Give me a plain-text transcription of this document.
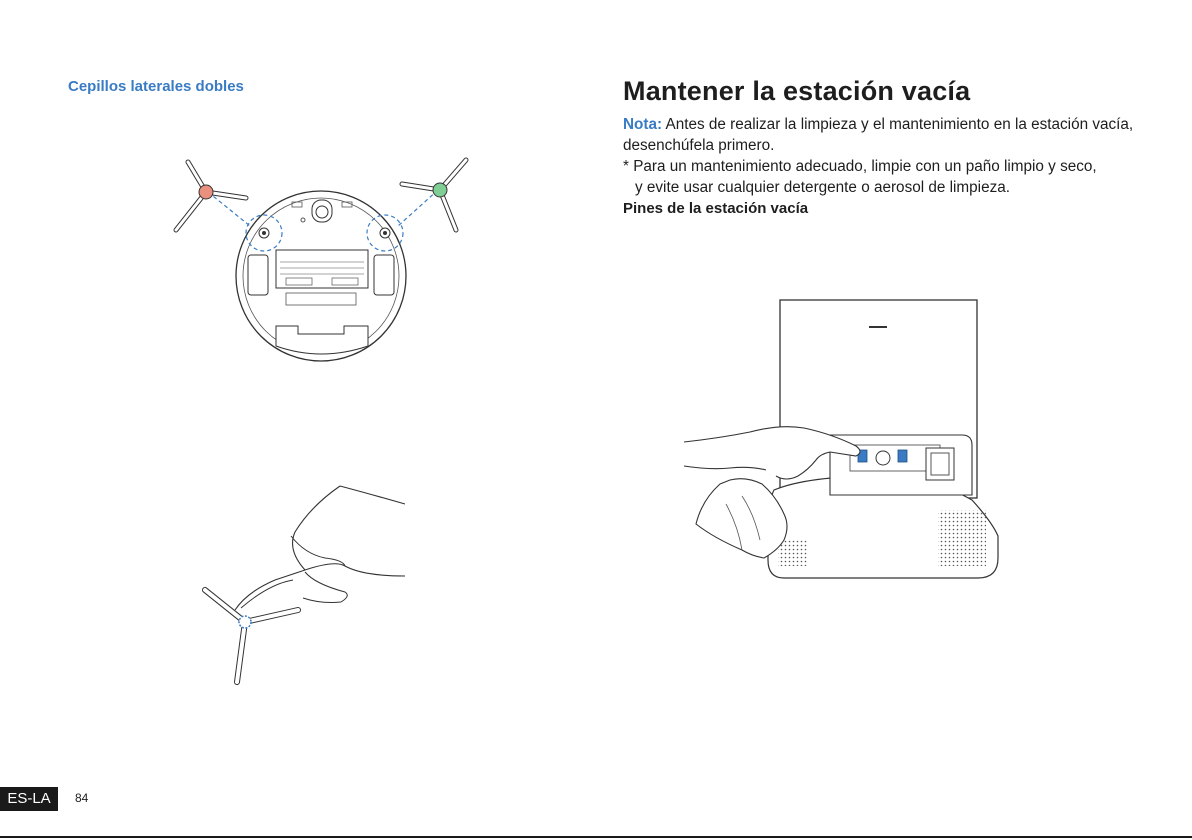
Cepillos laterales dobles	Mantener la estación vacía
Nota: Antes de realizar la limpieza y el mantenimiento en la estación vacía, desenchúfela primero.
* Para un mantenimiento adecuado, limpie con un paño limpio y seco,
y evite usar cualquier detergente o aerosol de limpieza.
Pines de la estación vacía
ES-LA	84
